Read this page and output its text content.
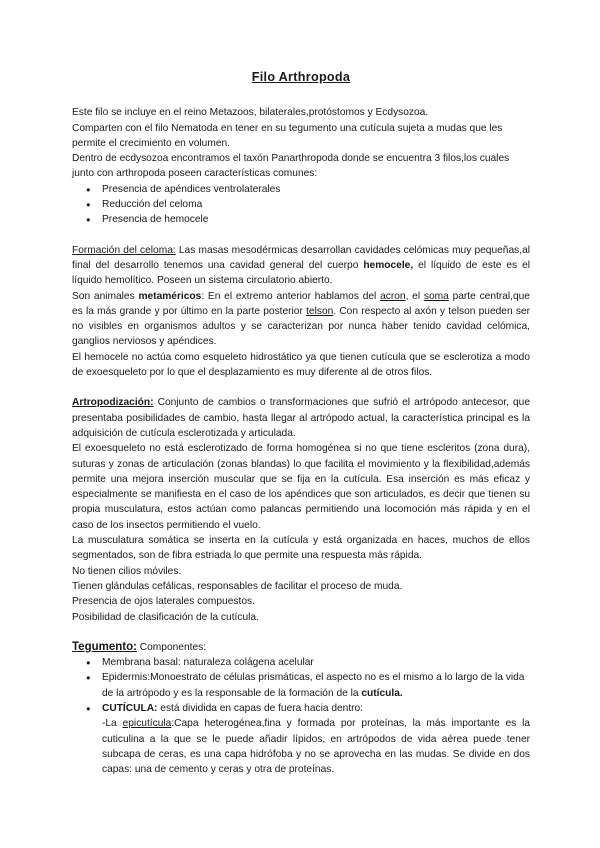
Filo Arthropoda

Este filo se incluye en el reino Metazoos, bilaterales,protóstomos y Ecdysozoa.

Comparten con el filo Nematoda en tener en su tegumento una cutícula sujeta a mudas que les permite el crecimiento en volumen.

Dentro de ecdysozoa encontramos el taxón Panarthropoda donde se encuentra 3 filos,los cuales junto con arthropoda poseen características comunes:

● Presencia de apéndices ventrolaterales
● Reducción del celoma
● Presencia de hemocele

Formación del celoma: Las masas mesodérmicas desarrollan cavidades celómicas muy pequeñas,al final del desarrollo tenemos una cavidad general del cuerpo hemocele, el líquido de este es el líquido hemolítico. Poseen un sistema circulatorio abierto.

Son animales metaméricos: En el extremo anterior hablamos del acron, el soma parte central,que es la más grande y por último en la parte posterior telson. Con respecto al axón y telson pueden ser no visibles en organismos adultos y se caracterizan por nunca haber tenido cavidad celómica, ganglios nerviosos y apéndices.

El hemocele no actúa como esqueleto hidrostático ya que tienen cutícula que se esclerotiza a modo de exoesqueleto por lo que el desplazamiento es muy diferente al de otros filos.

Artropodización: Conjunto de cambios o transformaciones que sufrió el artrópodo antecesor, que presentaba posibilidades de cambio, hasta llegar al artrópodo actual, la característica principal es la adquisición de cutícula esclerotizada y articulada.

El exoesqueleto no está esclerotizado de forma homogénea si no que tiene escleritos (zona dura), suturas y zonas de articulación (zonas blandas) lo que facilita el movimiento y la flexibilidad,además permite una mejora inserción muscular que se fija en la cutícula. Esa inserción es más eficaz y especialmente se manifiesta en el caso de los apéndices que son articulados, es decir que tienen su propia musculatura, estos actúan como palancas permitiendo una locomoción más rápida y en el caso de los insectos permitiendo el vuelo.

La musculatura somática se inserta en la cutícula y está organizada en haces, muchos de ellos segmentados, son de fibra estriada lo que permite una respuesta más rápida.

No tienen cilios móviles.

Tienen glándulas cefálicas, responsables de facilitar el proceso de muda.

Presencia de ojos laterales compuestos.

Posibilidad de clasificación de la cutícula.

Tegumento: Componentes:

● Membrana basal: naturaleza colágena acelular
● Epidermis:Monoestrato de células prismáticas, el aspecto no es el mismo a lo largo de la vida de la artrópodo y es la responsable de la formación de la cutícula.
● CUTÍCULA: está dividida en capas de fuera hacia dentro:

-La epicutícula:Capa heterogénea,fina y formada por proteínas, la más importante es la cuticulina a la que se le puede añadir lípidos, en artrópodos de vida aérea puede tener subcapa de ceras, es una capa hidrófoba y no se aprovecha en las mudas. Se divide en dos capas: una de cemento y ceras y otra de proteínas.
